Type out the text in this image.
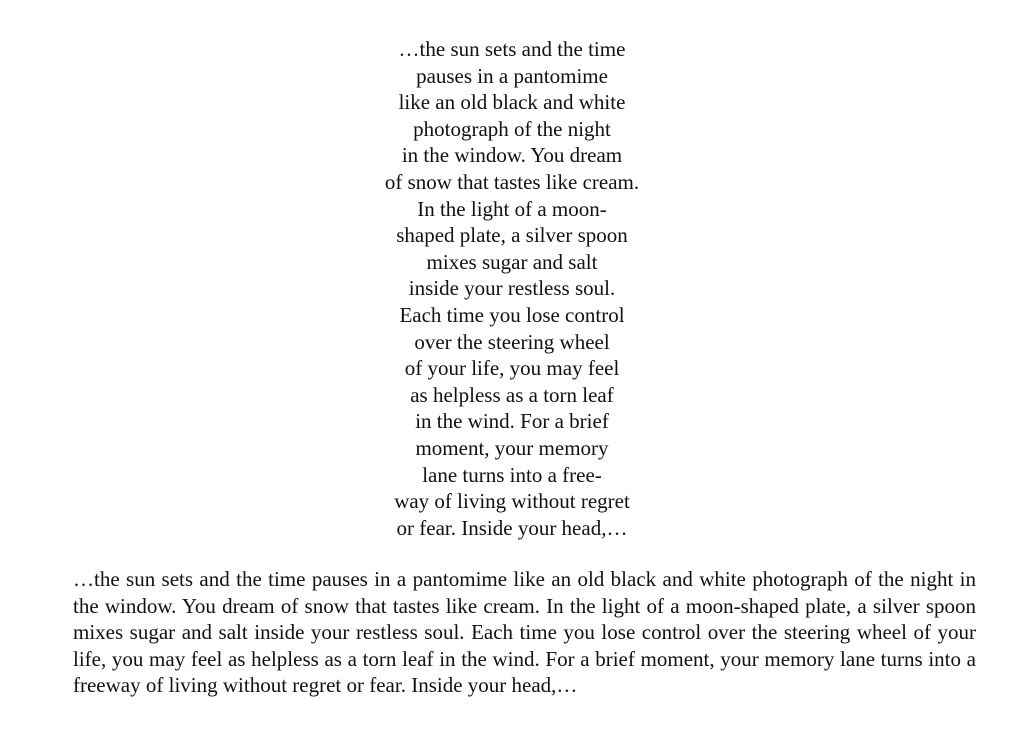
…the sun sets and the time
pauses in a pantomime
like an old black and white
photograph of the night
in the window. You dream
of snow that tastes like cream.
In the light of a moon-
shaped plate, a silver spoon
mixes sugar and salt
inside your restless soul.
Each time you lose control
over the steering wheel
of your life, you may feel
as helpless as a torn leaf
in the wind. For a brief
moment, your memory
lane turns into a free-
way of living without regret
or fear. Inside your head,…

…the sun sets and the time pauses in a pantomime like an old black and white photograph of the night in the window. You dream of snow that tastes like cream. In the light of a moon-shaped plate, a silver spoon mixes sugar and salt inside your restless soul. Each time you lose control over the steering wheel of your life, you may feel as helpless as a torn leaf in the wind. For a brief moment, your memory lane turns into a freeway of living without regret or fear. Inside your head,…
